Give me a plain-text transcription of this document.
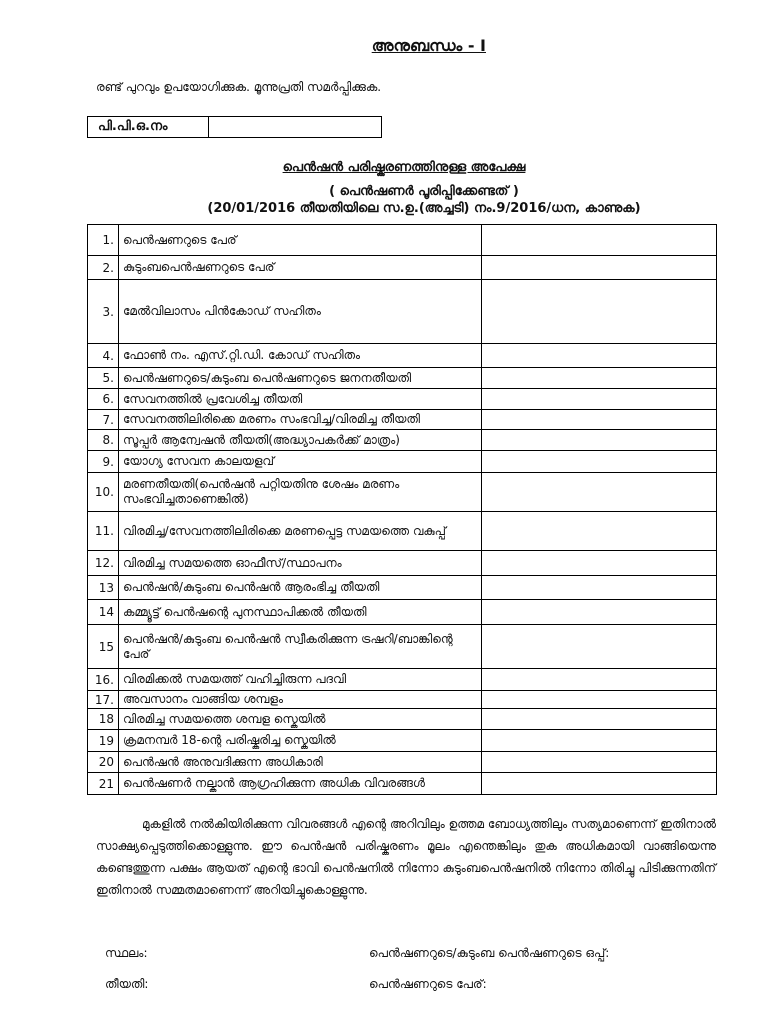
അനുബന്ധം - I
രണ്ട് പുറവും ഉപയോഗിക്കുക. മൂന്നുപ്രതി സമർപ്പിക്കുക.
പി.പി.ഒ.നം
പെൻഷൻ പരിഷ്കരണത്തിനുള്ള അപേക്ഷ
( പെൻഷണർ പൂരിപ്പിക്കേണ്ടത് )
(20/01/2016 തീയതിയിലെ സ.ഉ.(അച്ചടി) നം.9/2016/ധന, കാണുക)
1.	പെൻഷണറുടെ പേര്	
2.	കുടുംബപെൻഷണറുടെ പേര്	
3.	മേൽവിലാസം പിൻകോഡ് സഹിതം	
4.	ഫോൺ നം. എസ്.റ്റി.ഡി. കോഡ് സഹിതം	
5.	പെൻഷണറുടെ/കുടുംബ പെൻഷണറുടെ ജനനതീയതി	
6.	സേവനത്തിൽ പ്രവേശിച്ച തീയതി	
7.	സേവനത്തിലിരിക്കെ മരണം സംഭവിച്ച/വിരമിച്ച തീയതി	
8.	സൂപ്പർ ആന്വേഷൻ തീയതി(അദ്ധ്യാപകർക്ക് മാത്രം)	
9.	യോഗ്യ സേവന കാലയളവ്	
10.	മരണതീയതി(പെൻഷൻ പറ്റിയതിനു ശേഷം മരണം സംഭവിച്ചതാണെങ്കിൽ)	
11.	വിരമിച്ച/സേവനത്തിലിരിക്കെ മരണപ്പെട്ട സമയത്തെ വകുപ്പ്	
12.	വിരമിച്ച സമയത്തെ ഓഫീസ്/സ്ഥാപനം	
13	പെൻഷൻ/കുടുംബ പെൻഷൻ ആരംഭിച്ച തീയതി	
14	കമ്മ്യൂട്ട് പെൻഷന്റെ പുനസ്ഥാപിക്കൽ തീയതി	
15	പെൻഷൻ/കുടുംബ പെൻഷൻ സ്വീകരിക്കുന്ന ട്രഷറി/ബാങ്കിന്റെ പേര്	
16.	വിരമിക്കൽ സമയത്ത് വഹിച്ചിരുന്ന പദവി	
17.	അവസാനം വാങ്ങിയ ശമ്പളം	
18	വിരമിച്ച സമയത്തെ ശമ്പള സ്കെയിൽ	
19	ക്രമനമ്പർ 18-ന്റെ പരിഷ്കരിച്ച സ്കെയിൽ	
20	പെൻഷൻ അനുവദിക്കുന്ന അധികാരി	
21	പെൻഷണർ നല്കാൻ ആഗ്രഹിക്കുന്ന അധിക വിവരങ്ങൾ	
മുകളിൽ നൽകിയിരിക്കുന്ന വിവരങ്ങൾ എന്റെ അറിവിലും ഉത്തമ ബോധ്യത്തിലും സത്യമാണെന്ന് ഇതിനാൽ സാക്ഷ്യപ്പെടുത്തിക്കൊള്ളുന്നു. ഈ പെൻഷൻ പരിഷ്കരണം മൂലം എന്തെങ്കിലും തുക അധികമായി വാങ്ങിയെന്നു കണ്ടെത്തുന്ന പക്ഷം ആയത് എന്റെ ഭാവി പെൻഷനിൽ നിന്നോ കുടുംബപെൻഷനിൽ നിന്നോ തിരിച്ചു പിടിക്കുന്നതിന് ഇതിനാൽ സമ്മതമാണെന്ന് അറിയിച്ചുകൊള്ളുന്നു.
സ്ഥലം:	പെൻഷണറുടെ/കുടുംബ പെൻഷണറുടെ ഒപ്പ്:
തീയതി:	പെൻഷണറുടെ പേര്:
